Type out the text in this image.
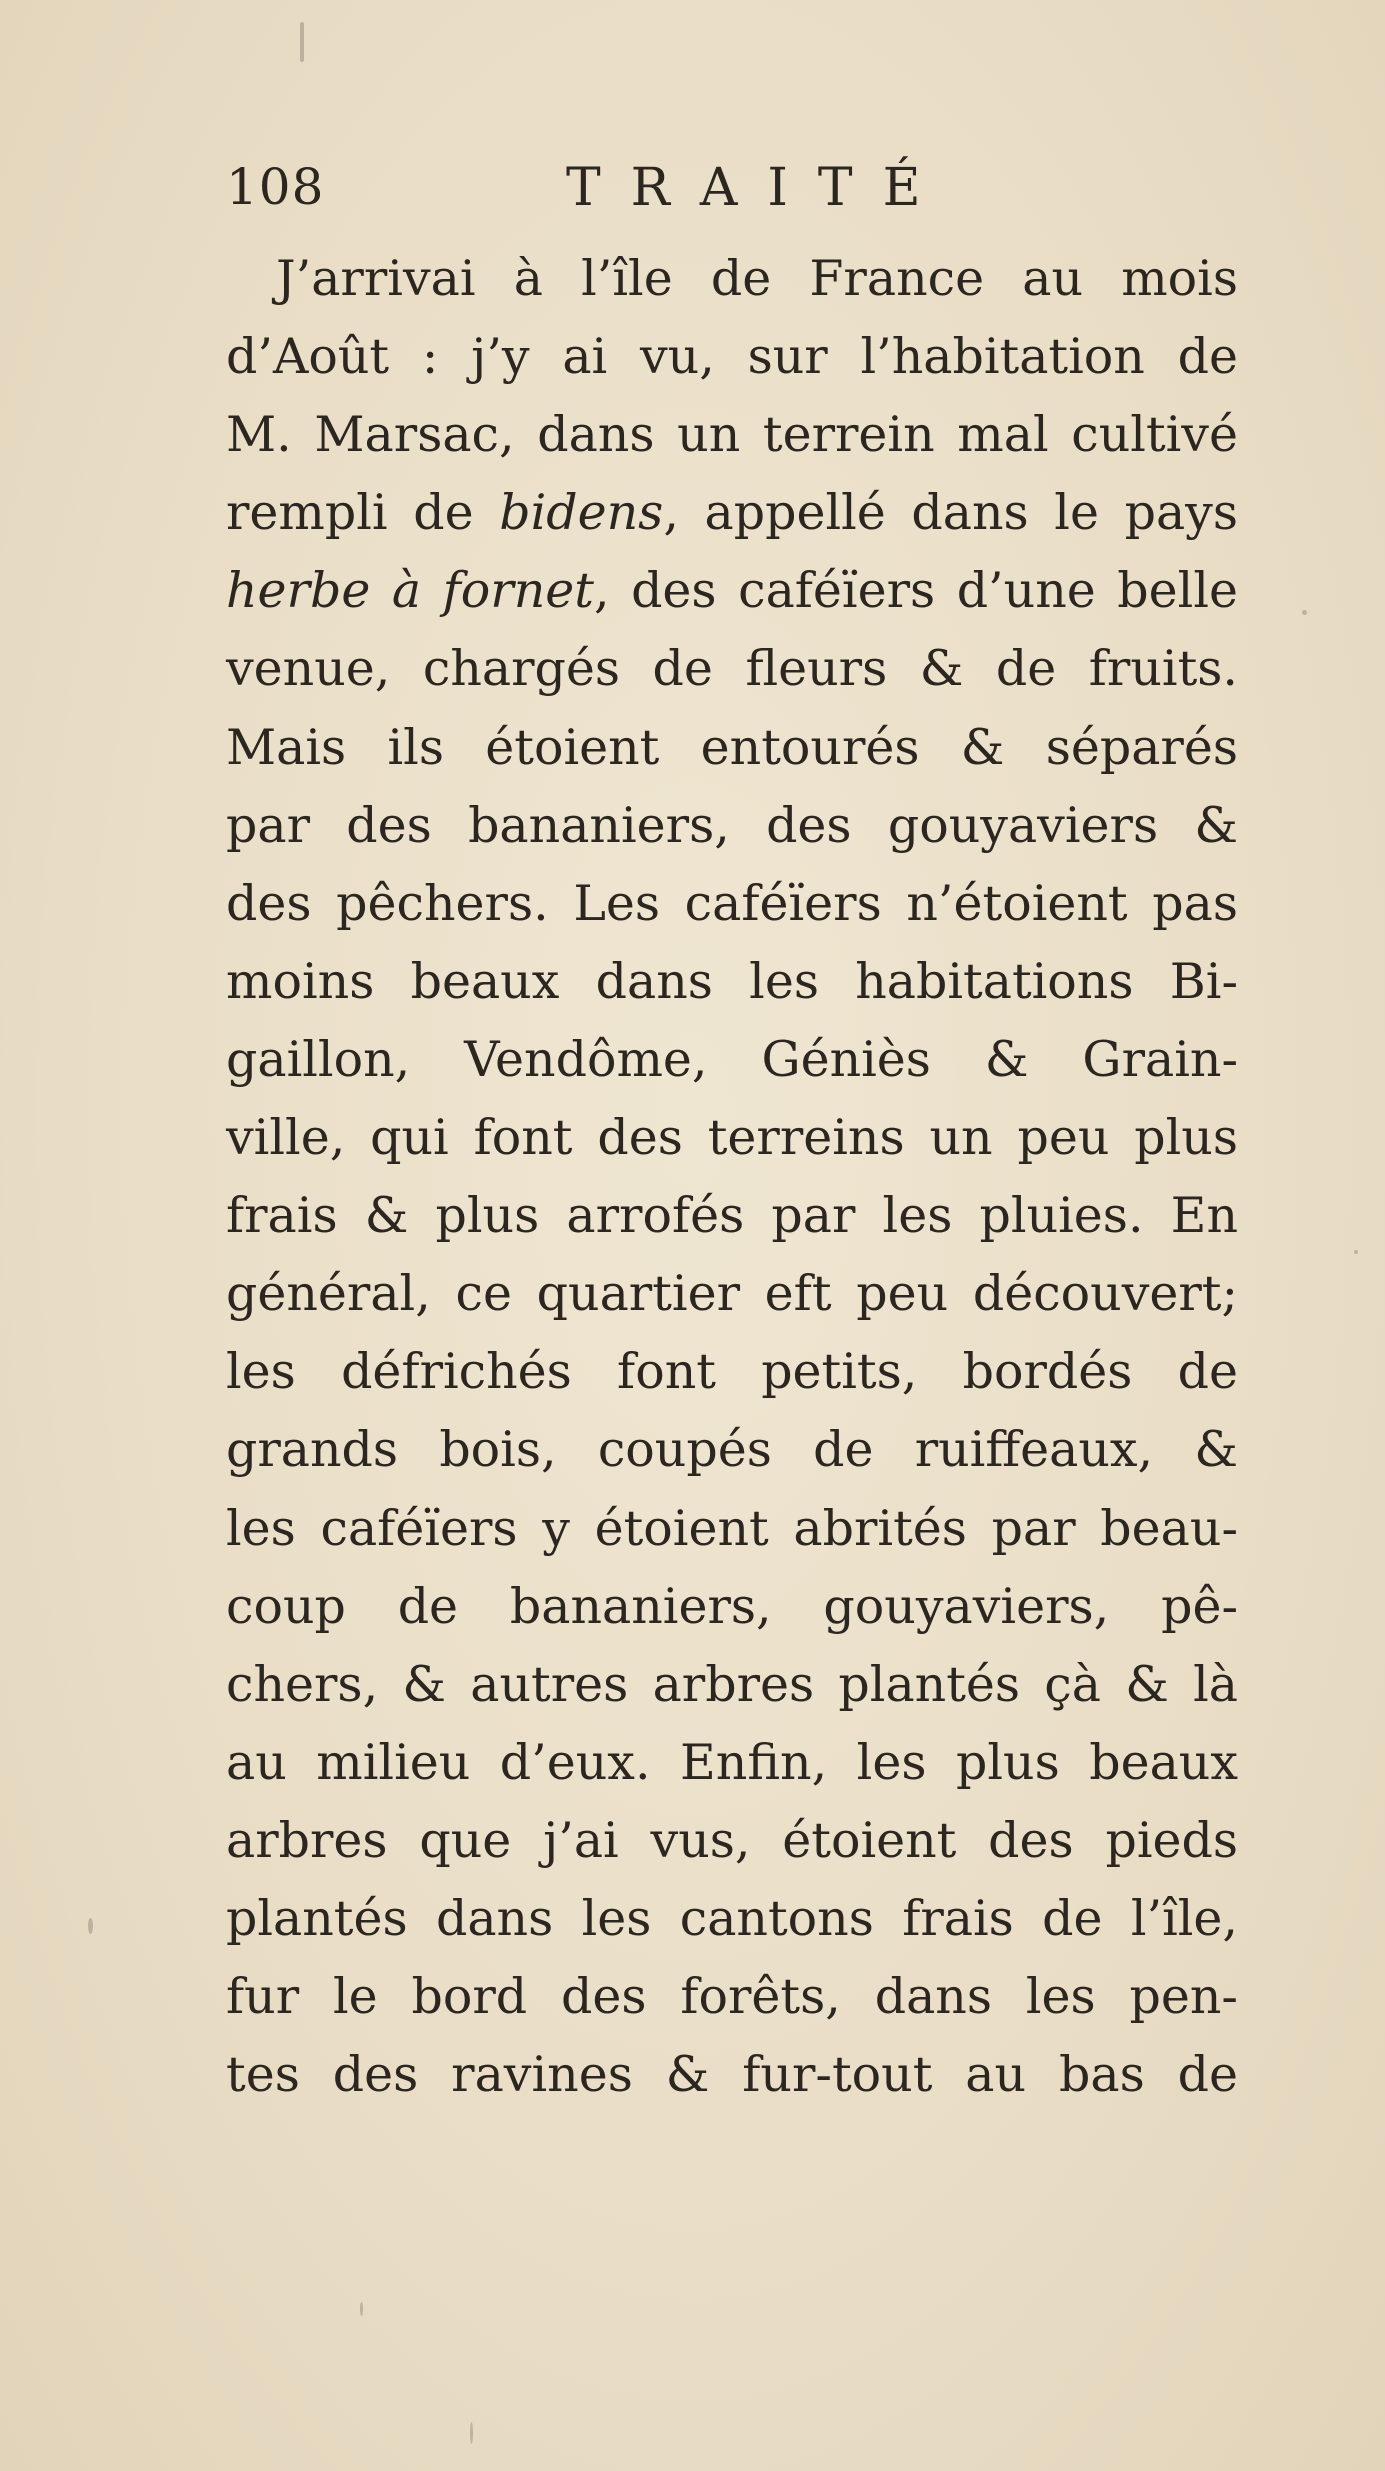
108	TRAITÉ
J’arrivai à l’île de France au mois
d’Août : j’y ai vu, sur l’habitation de
M. Marsac, dans un terrein mal cultivé
rempli de bidens, appellé dans le pays
herbe à fornet, des caféïers d’une belle
venue, chargés de fleurs & de fruits.
Mais ils étoient entourés & séparés
par des bananiers, des gouyaviers &
des pêchers. Les caféïers n’étoient pas
moins beaux dans les habitations Bi-
gaillon, Vendôme, Géniès & Grain-
ville, qui font des terreins un peu plus
frais & plus arrofés par les pluies. En
général, ce quartier eft peu découvert;
les défrichés font petits, bordés de
grands bois, coupés de ruiffeaux, &
les caféïers y étoient abrités par beau-
coup de bananiers, gouyaviers, pê-
chers, & autres arbres plantés çà & là
au milieu d’eux. Enfin, les plus beaux
arbres que j’ai vus, étoient des pieds
plantés dans les cantons frais de l’île,
fur le bord des forêts, dans les pen-
tes des ravines & fur-tout au bas de
